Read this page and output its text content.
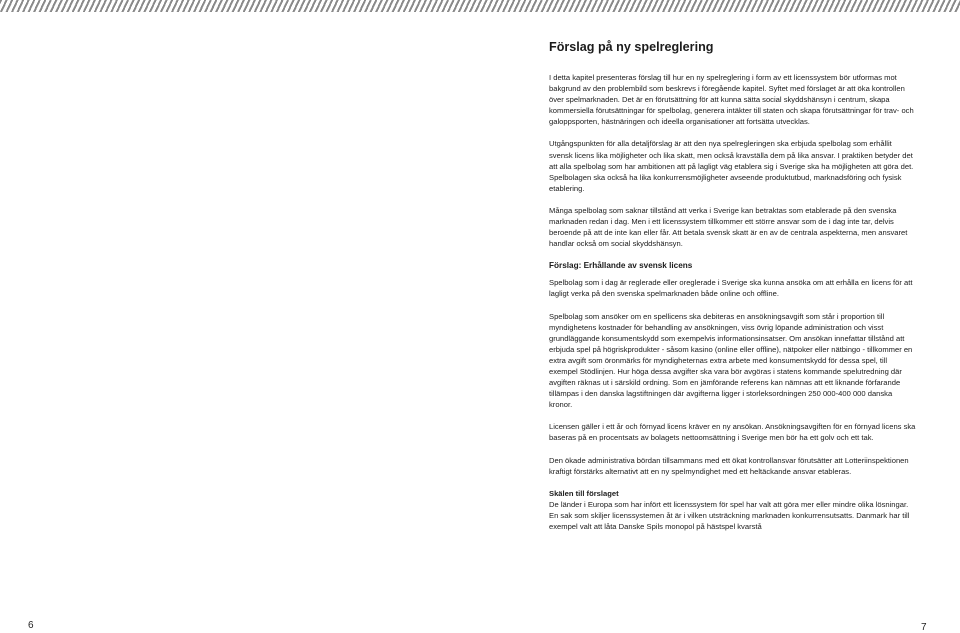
6	7
Förslag på ny spelreglering

I detta kapitel presenteras förslag till hur en ny spelreglering i form av ett licenssystem bör utformas mot bakgrund av den problembild som beskrevs i föregående kapitel. Syftet med förslaget är att öka kontrollen över spelmarknaden. Det är en förutsättning för att kunna sätta social skyddshänsyn i centrum, skapa kommersiella förutsättningar för spelbolag, generera intäkter till staten och skapa förutsättningar för trav- och galoppsporten, hästnäringen och ideella organisationer att fortsätta utvecklas.

Utgångspunkten för alla detaljförslag är att den nya spelregleringen ska erbjuda spelbolag som erhållit svensk licens lika möjligheter och lika skatt, men också kravställa dem på lika ansvar. I praktiken betyder det att alla spelbolag som har ambitionen att på lagligt väg etablera sig i Sverige ska ha möjligheten att göra det. Spelbolagen ska också ha lika konkurrensmöjligheter avseende produktutbud, marknadsföring och fysisk etablering.

Många spelbolag som saknar tillstånd att verka i Sverige kan betraktas som etablerade på den svenska marknaden redan i dag. Men i ett licenssystem tillkommer ett större ansvar som de i dag inte tar, delvis beroende på att de inte kan eller får. Att betala svensk skatt är en av de centrala aspekterna, men ansvaret handlar också om social skyddshänsyn.

Förslag: Erhållande av svensk licens

Spelbolag som i dag är reglerade eller oreglerade i Sverige ska kunna ansöka om att erhålla en licens för att lagligt verka på den svenska spelmarknaden både online och offline.

Spelbolag som ansöker om en spellicens ska debiteras en ansökningsavgift som står i proportion till myndighetens kostnader för behandling av ansökningen, viss övrig löpande administration och visst grundläggande konsumentskydd som exempelvis informationsinsatser. Om ansökan innefattar tillstånd att erbjuda spel på högriskprodukter - såsom kasino (online eller offline), nätpoker eller nätbingo - tillkommer en extra avgift som öronmärks för myndigheternas extra arbete med konsumentskydd för dessa spel, till exempel Stödlinjen. Hur höga dessa avgifter ska vara bör avgöras i statens kommande spelutredning där avgiften räknas ut i särskild ordning. Som en jämförande referens kan nämnas att ett liknande förfarande tillämpas i den danska lagstiftningen där avgifterna ligger i storleksordningen 250 000-400 000 danska kronor.

Licensen gäller i ett år och förnyad licens kräver en ny ansökan. Ansökningsavgiften för en förnyad licens ska baseras på en procentsats av bolagets nettoomsättning i Sverige men bör ha ett golv och ett tak.

Den ökade administrativa bördan tillsammans med ett ökat kontrollansvar förutsätter att Lotteriinspektionen kraftigt förstärks alternativt att en ny spelmyndighet med ett heltäckande ansvar etableras.

Skälen till förslaget

De länder i Europa som har infört ett licenssystem för spel har valt att göra mer eller mindre olika lösningar. En sak som skiljer licenssystemen åt är i vilken utsträckning marknaden konkurrensutsatts. Danmark har till exempel valt att låta Danske Spils monopol på hästspel kvarstå
